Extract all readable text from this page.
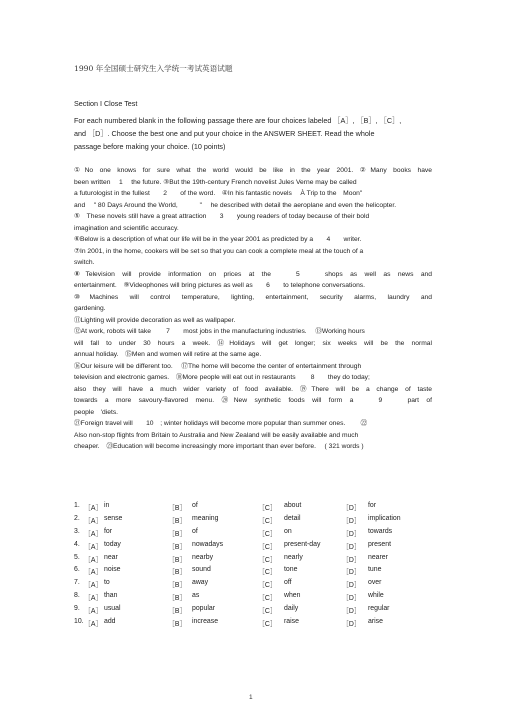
1990 年全国硕士研究生入学统一考试英语试题
Section I Close Test
For each numbered blank in the following passage there are four choices labeled ［A］, ［B］, ［C］,
and ［D］. Choose the best one and put your choice in the ANSWER SHEET. Read the whole
passage before making your choice. (10 points)

①No one knows for sure what the world would be like in the year 2001. ②Many books have

been written　 1　 the future. ③But the 19th-century French novelist Jules Verne may be called

a futurologist in the fullest　　2　　of the word.　④In his fantastic novels　 À Trip to the　Moon"

and　 " 80 Days Around the World,　　　 "　 he described with detail the aeroplane and even the helicopter.

⑤　These novels still have a great attraction　　3　　young readers of today because of their bold

imagination and scientific accuracy.

⑥Below is a description of what our life will be in the year 2001 as predicted by a　　4　　writer.

⑦In 2001, in the home, cookers will be set so that you can cook a complete meal at the touch of a

switch.

⑧Television will provide information on prices at the　 5　 shops as well as news and

entertainment.　⑨Videophones will bring pictures as well as　　6　　to telephone conversations.

⑩Machines will control temperature, lighting, entertainment, security alarms, laundry and

gardening.

⑪Lighting will provide decoration as well as wallpaper.

⑫At work, robots will take　　 7　　most jobs in the manufacturing industries.　 ⑬Working hours

will fall to under 30 hours a week. ⑭Holidays will get longer; six weeks will be the normal

annual holiday.　⑮Men and women will retire at the same age.

⑯Our leisure will be different too.　 ⑰The home will become the center of entertainment through

television and electronic games.　⑱More people will eat out in restaurants　　 8　　they do today;

also they will have a much wider variety of food available. ⑲There will be a change of taste

towards a more savoury-flavored menu. ⑳New synthetic foods will form a　 9　 part of

people　'diets.

㉑Foreign travel will　　10　; winter holidays will become more popular than summer ones.　　 ㉒

Also non-stop flights from Britain to Australia and New Zealand will be easily available and much

cheaper.　㉓Education will become increasingly more important than ever before.　 ( 321 words )

1. ［A］ in	［B］ of	［C］ about	［D］ for
2. ［A］ sense	［B］ meaning	［C］ detail	［D］ implication
3. ［A］ for	［B］ of	［C］ on	［D］ towards
4. ［A］ today	［B］ nowadays	［C］ present-day	［D］ present
5. ［A］ near	［B］ nearby	［C］ nearly	［D］ nearer
6. ［A］ noise	［B］ sound	［C］ tone	［D］ tune
7. ［A］ to	［B］ away	［C］ off	［D］ over
8. ［A］ than	［B］ as	［C］ when	［D］ while
9. ［A］ usual	［B］ popular	［C］ daily	［D］ regular
10. ［A］ add	［B］ increase	［C］ raise	［D］ arise
1
